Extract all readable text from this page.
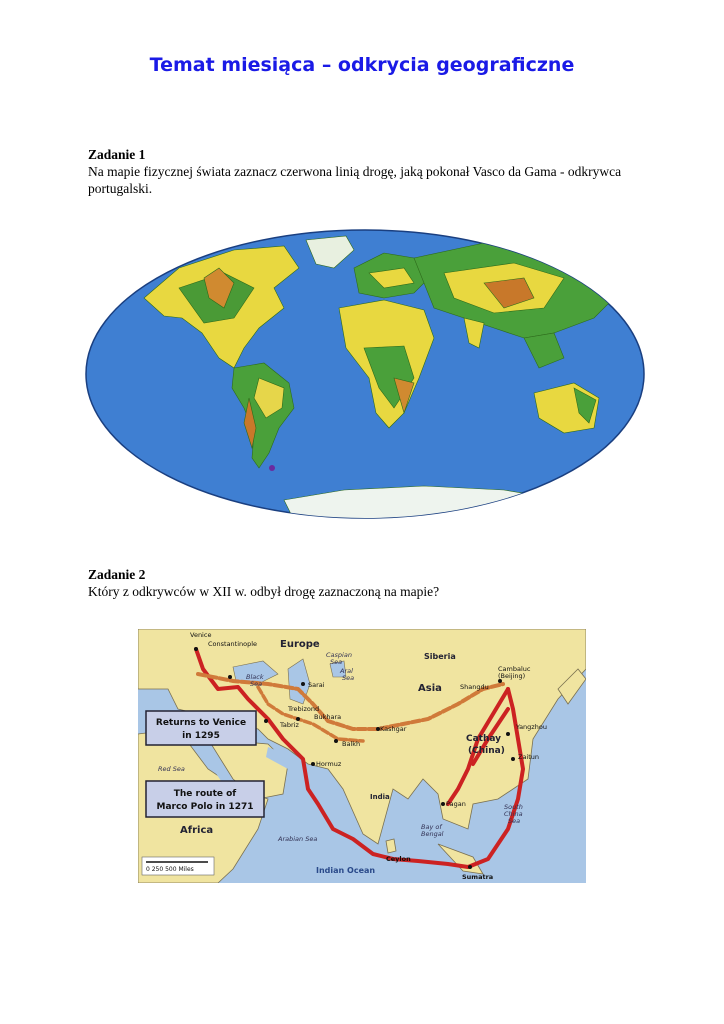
Temat miesiąca – odkrycia geograficzne
Zadanie 1
Na mapie fizycznej świata zaznacz czerwona linią drogę, jaką pokonał Vasco da Gama - odkrywca portugalski.
Zadanie 2
Który z odkrywców w XII w. odbył drogę zaznaczoną na mapie?
Venice
Constantinople
Black
Sea
Caspian
Sea
Aral
Sea
Sarai	Shangdu
Cambaluc
(Beijing)
Trebizond
Tabriz
Bukhara
Kashgar
Balkh
Hormuz
Yangzhou
Zaitun
Red Sea
Pagan
Bay of
Bengal
South
China
Sea
Arabian Sea
Ceylon
Sumatra
Europe
Siberia
Asia
Cathay
(China)
India
Africa
Indian Ocean
Returns to Venice
in 1295
The route of
Marco Polo in 1271
0 250 500 Miles
